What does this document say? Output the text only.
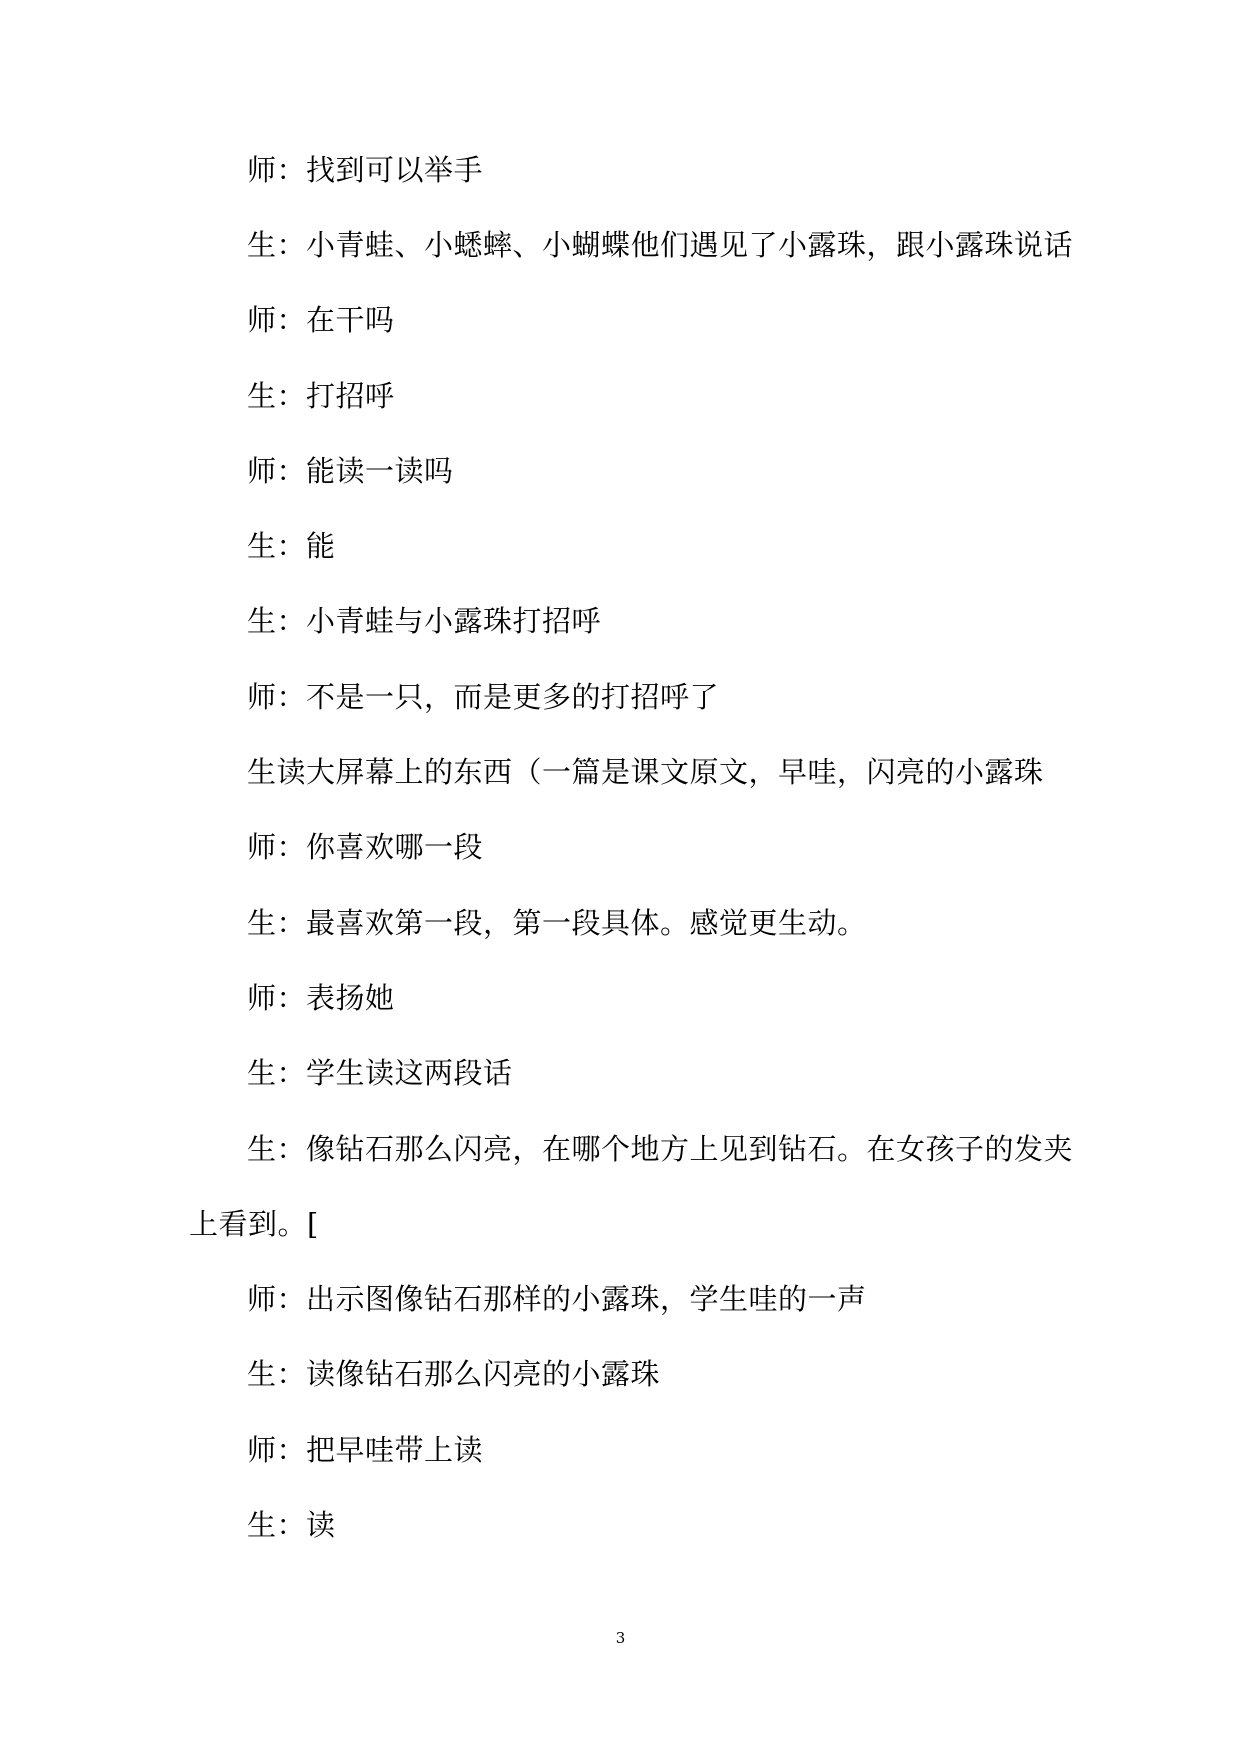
师：找到可以举手
生：小青蛙、小蟋蟀、小蝴蝶他们遇见了小露珠，跟小露珠说话
师：在干吗
生：打招呼
师：能读一读吗
生：能
生：小青蛙与小露珠打招呼
师：不是一只，而是更多的打招呼了
生读大屏幕上的东西（一篇是课文原文，早哇，闪亮的小露珠
师：你喜欢哪一段
生：最喜欢第一段，第一段具体。感觉更生动。
师：表扬她
生：学生读这两段话
生：像钻石那么闪亮，在哪个地方上见到钻石。在女孩子的发夹
上看到。[
师：出示图像钻石那样的小露珠，学生哇的一声
生：读像钻石那么闪亮的小露珠
师：把早哇带上读
生：读
3
